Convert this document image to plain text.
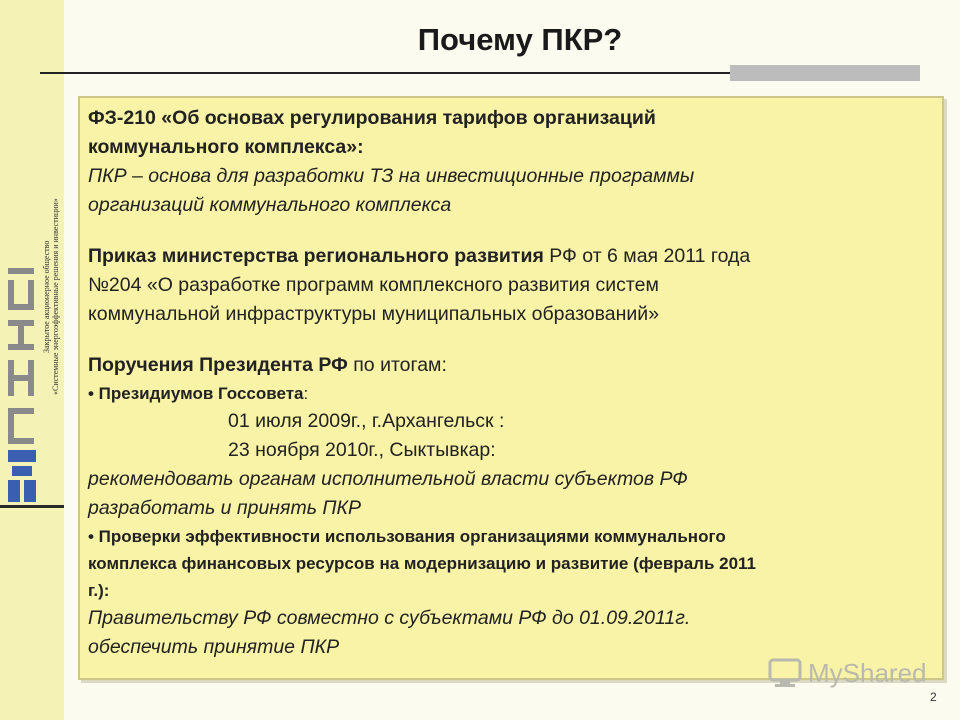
Закрытое акционерное общество
«Системные энергоэффективные решения и инвестиции»
Почему ПКР?
ФЗ-210 «Об основах регулирования тарифов организаций
коммунального комплекса»:
ПКР – основа для разработки ТЗ на инвестиционные программы
организаций коммунального комплекса
Приказ министерства регионального развития РФ от 6 мая 2011 года
№204 «О разработке программ комплексного развития систем
коммунальной инфраструктуры муниципальных образований»
Поручения Президента РФ по итогам:
• Президиумов Госсовета:
01 июля 2009г., г.Архангельск :
23 ноября 2010г., Сыктывкар:
рекомендовать органам исполнительной власти субъектов РФ
разработать и принять ПКР
• Проверки эффективности использования организациями коммунального
комплекса финансовых ресурсов на модернизацию и развитие (февраль 2011
г.):
Правительству РФ совместно с субъектами РФ до 01.09.2011г.
обеспечить принятие ПКР
MyShared
2
